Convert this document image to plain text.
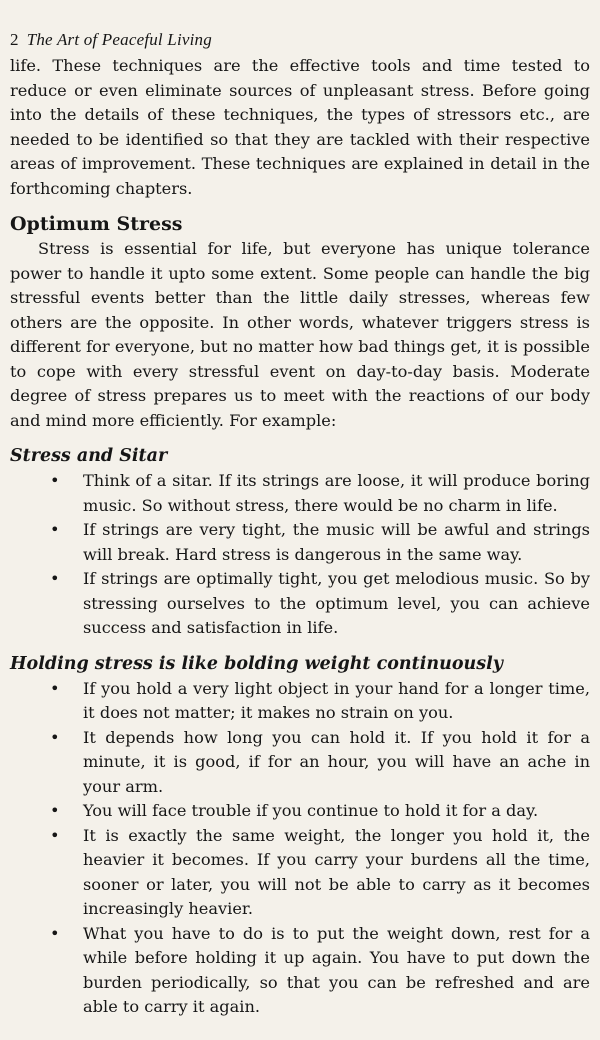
2 The Art of Peaceful Living

life. These techniques are the effective tools and time tested to reduce or even eliminate sources of unpleasant stress. Before going into the details of these techniques, the types of stressors etc., are needed to be identified so that they are tackled with their respective areas of improvement. These techniques are explained in detail in the forthcoming chapters.

Optimum Stress

Stress is essential for life, but everyone has unique tolerance power to handle it upto some extent. Some people can handle the big stressful events better than the little daily stresses, whereas few others are the opposite. In other words, whatever triggers stress is different for everyone, but no matter how bad things get, it is possible to cope with every stressful event on day-to-day basis. Moderate degree of stress prepares us to meet with the reactions of our body and mind more efficiently. For example:

Stress and Sitar
• Think of a sitar. If its strings are loose, it will produce boring music. So without stress, there would be no charm in life.
• If strings are very tight, the music will be awful and strings will break. Hard stress is dangerous in the same way.
• If strings are optimally tight, you get melodious music. So by stressing ourselves to the optimum level, you can achieve success and satisfaction in life.
Holding stress is like bolding weight continuously
• If you hold a very light object in your hand for a longer time, it does not matter; it makes no strain on you.
• It depends how long you can hold it. If you hold it for a minute, it is good, if for an hour, you will have an ache in your arm.
• You will face trouble if you continue to hold it for a day.
• It is exactly the same weight, the longer you hold it, the heavier it becomes. If you carry your burdens all the time, sooner or later, you will not be able to carry as it becomes increasingly heavier.
• What you have to do is to put the weight down, rest for a while before holding it up again. You have to put down the burden periodically, so that you can be refreshed and are able to carry it again.
